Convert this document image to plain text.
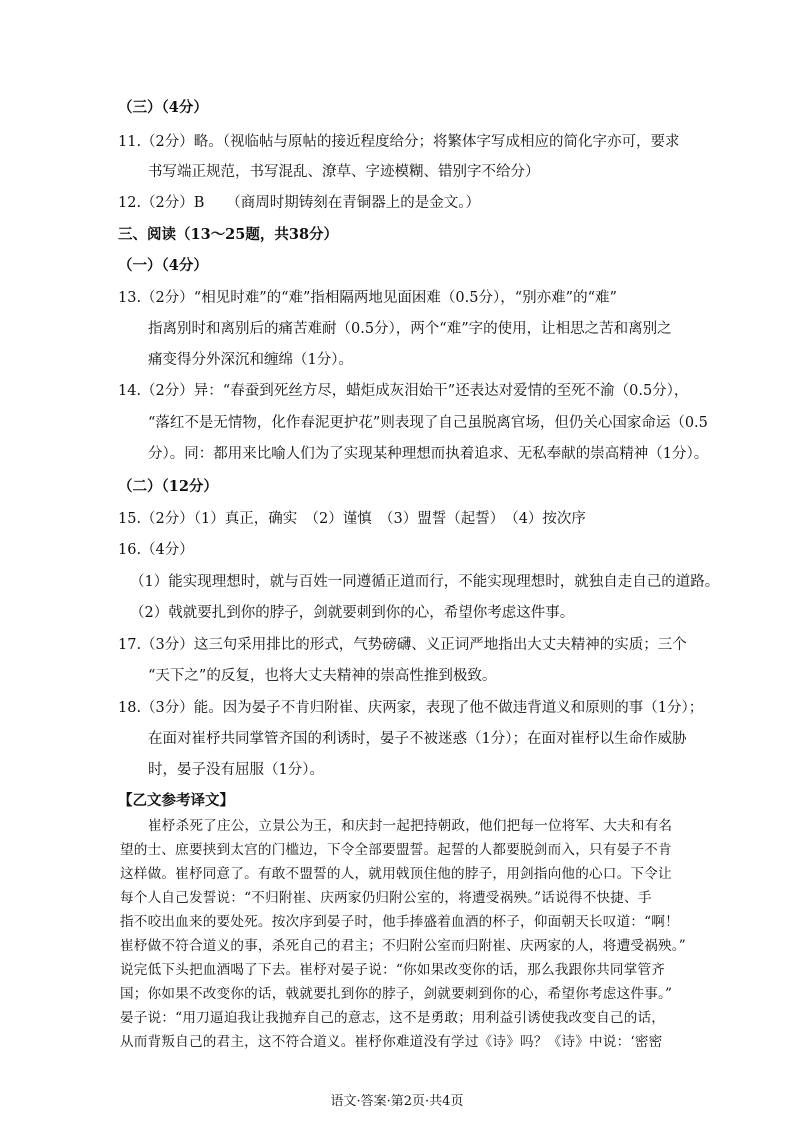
（三）（4分）
11.（2分）略。（视临帖与原帖的接近程度给分；将繁体字写成相应的简化字亦可，要求
书写端正规范，书写混乱、潦草、字迹模糊、错别字不给分）
12.（2分）B　　（商周时期铸刻在青铜器上的是金文。）
三、阅读（13～25题，共38分）
（一）（4分）
13.（2分）“相见时难”的“难”指相隔两地见面困难（0.5分），“别亦难”的“难”
指离别时和离别后的痛苦难耐（0.5分），两个“难”字的使用，让相思之苦和离别之
痛变得分外深沉和缠绵（1分）。
14.（2分）异：“春蚕到死丝方尽，蜡炬成灰泪始干”还表达对爱情的至死不渝（0.5分），
“落红不是无情物，化作春泥更护花”则表现了自己虽脱离官场，但仍关心国家命运（0.5
分）。同：都用来比喻人们为了实现某种理想而执着追求、无私奉献的崇高精神（1分）。
（二）（12分）
15.（2分）（1）真正，确实　（2）谨慎　（3）盟誓（起誓）　（4）按次序
16.（4分）
（1）能实现理想时，就与百姓一同遵循正道而行，不能实现理想时，就独自走自己的道路。
（2）戟就要扎到你的脖子，剑就要刺到你的心，希望你考虑这件事。
17.（3分）这三句采用排比的形式，气势磅礴、义正词严地指出大丈夫精神的实质；三个
“天下之”的反复，也将大丈夫精神的崇高性推到极致。
18.（3分）能。因为晏子不肯归附崔、庆两家，表现了他不做违背道义和原则的事（1分）；
在面对崔杼共同掌管齐国的利诱时，晏子不被迷惑（1分）；在面对崔杼以生命作威胁
时，晏子没有屈服（1分）。
【乙文参考译文】
崔杼杀死了庄公，立景公为王，和庆封一起把持朝政，他们把每一位将军、大夫和有名
望的士、庶要挟到太宫的门槛边，下令全部要盟誓。起誓的人都要脱剑而入，只有晏子不肯
这样做。崔杼同意了。有敢不盟誓的人，就用戟顶住他的脖子，用剑指向他的心口。下令让
每个人自己发誓说：“不归附崔、庆两家仍归附公室的，将遭受祸殃。”话说得不快捷、手
指不咬出血来的要处死。按次序到晏子时，他手捧盛着血酒的杯子，仰面朝天长叹道：“啊！
崔杼做不符合道义的事，杀死自己的君主；不归附公室而归附崔、庆两家的人，将遭受祸殃。”
说完低下头把血酒喝了下去。崔杼对晏子说：“你如果改变你的话，那么我跟你共同掌管齐
国；你如果不改变你的话，戟就要扎到你的脖子，剑就要刺到你的心，希望你考虑这件事。”
晏子说：“用刀逼迫我让我抛弃自己的意志，这不是勇敢；用利益引诱使我改变自己的话，
从而背叛自己的君主，这不符合道义。崔杼你难道没有学过《诗》吗？《诗》中说：‘密密
语文·答案·第2页·共4页
